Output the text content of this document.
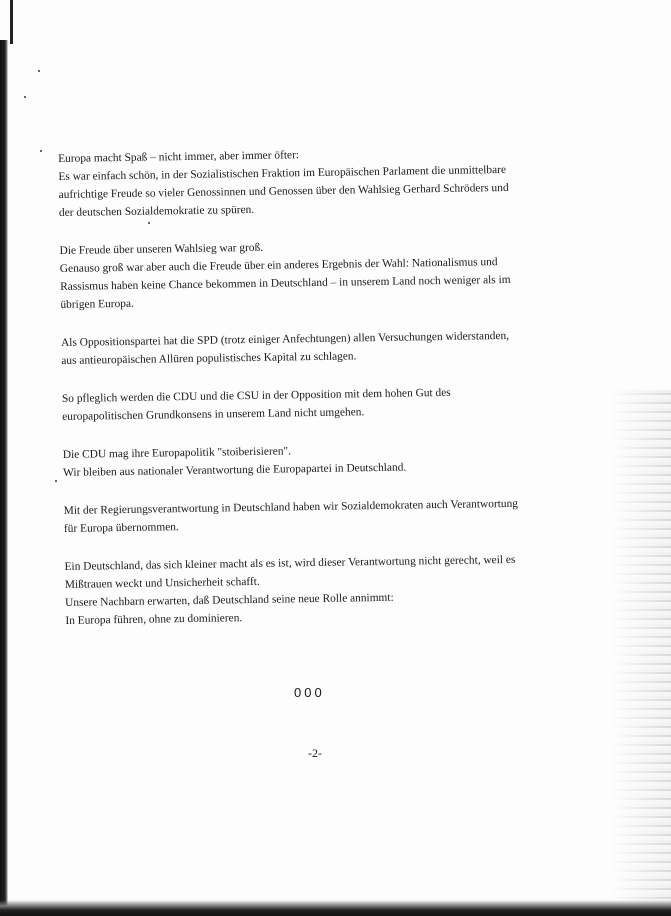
Europa macht Spaß – nicht immer, aber immer öfter:
Es war einfach schön, in der Sozialistischen Fraktion im Europäischen Parlament die unmittelbare
aufrichtige Freude so vieler Genossinnen und Genossen über den Wahlsieg Gerhard Schröders und
der deutschen Sozialdemokratie zu spüren.
Die Freude über unseren Wahlsieg war groß.
Genauso groß war aber auch die Freude über ein anderes Ergebnis der Wahl: Nationalismus und
Rassismus haben keine Chance bekommen in Deutschland – in unserem Land noch weniger als im
übrigen Europa.
Als Oppositionspartei hat die SPD (trotz einiger Anfechtungen) allen Versuchungen widerstanden,
aus antieuropäischen Allüren populistisches Kapital zu schlagen.
So pfleglich werden die CDU und die CSU in der Opposition mit dem hohen Gut des
europapolitischen Grundkonsens in unserem Land nicht umgehen.
Die CDU mag ihre Europapolitik "stoiberisieren".
Wir bleiben aus nationaler Verantwortung die Europapartei in Deutschland.
Mit der Regierungsverantwortung in Deutschland haben wir Sozialdemokraten auch Verantwortung
für Europa übernommen.
Ein Deutschland, das sich kleiner macht als es ist, wird dieser Verantwortung nicht gerecht, weil es
Mißtrauen weckt und Unsicherheit schafft.
Unsere Nachbarn erwarten, daß Deutschland seine neue Rolle annimmt:
In Europa führen, ohne zu dominieren.
000
-2-
